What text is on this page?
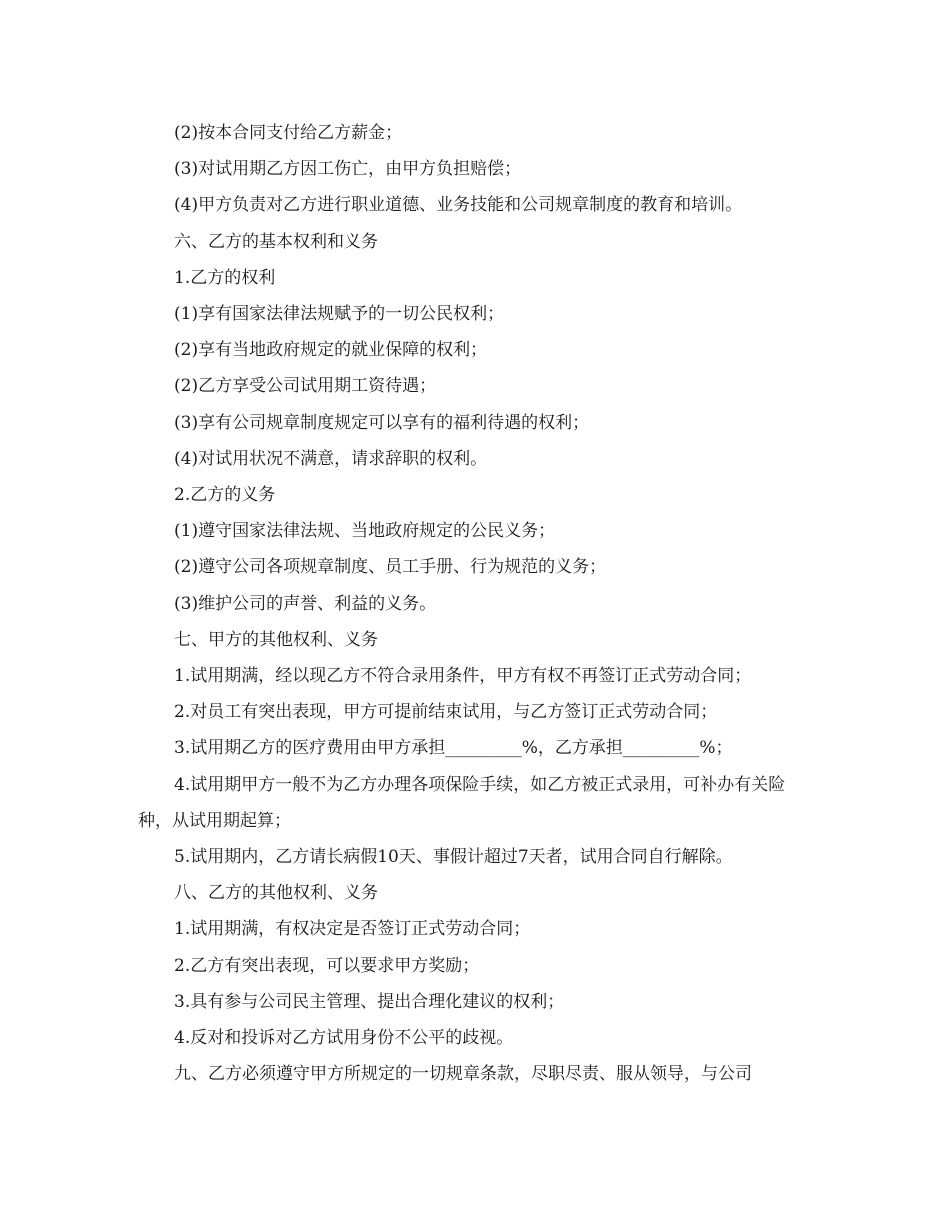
(2)按本合同支付给乙方薪金；

(3)对试用期乙方因工伤亡，由甲方负担赔偿；

(4)甲方负责对乙方进行职业道德、业务技能和公司规章制度的教育和培训。

六、乙方的基本权利和义务

1.乙方的权利

(1)享有国家法律法规赋予的一切公民权利；

(2)享有当地政府规定的就业保障的权利；

(2)乙方享受公司试用期工资待遇；

(3)享有公司规章制度规定可以享有的福利待遇的权利；

(4)对试用状况不满意，请求辞职的权利。

2.乙方的义务

(1)遵守国家法律法规、当地政府规定的公民义务；

(2)遵守公司各项规章制度、员工手册、行为规范的义务；

(3)维护公司的声誉、利益的义务。

七、甲方的其他权利、义务

1.试用期满，经以现乙方不符合录用条件，甲方有权不再签订正式劳动合同；

2.对员工有突出表现，甲方可提前结束试用，与乙方签订正式劳动合同；

3.试用期乙方的医疗费用由甲方承担_________%，乙方承担_________%；

4.试用期甲方一般不为乙方办理各项保险手续，如乙方被正式录用，可补办有关险种，从试用期起算；

5.试用期内，乙方请长病假10天、事假计超过7天者，试用合同自行解除。

八、乙方的其他权利、义务

1.试用期满，有权决定是否签订正式劳动合同；

2.乙方有突出表现，可以要求甲方奖励；

3.具有参与公司民主管理、提出合理化建议的权利；

4.反对和投诉对乙方试用身份不公平的歧视。

九、乙方必须遵守甲方所规定的一切规章条款，尽职尽责、服从领导，与公司
